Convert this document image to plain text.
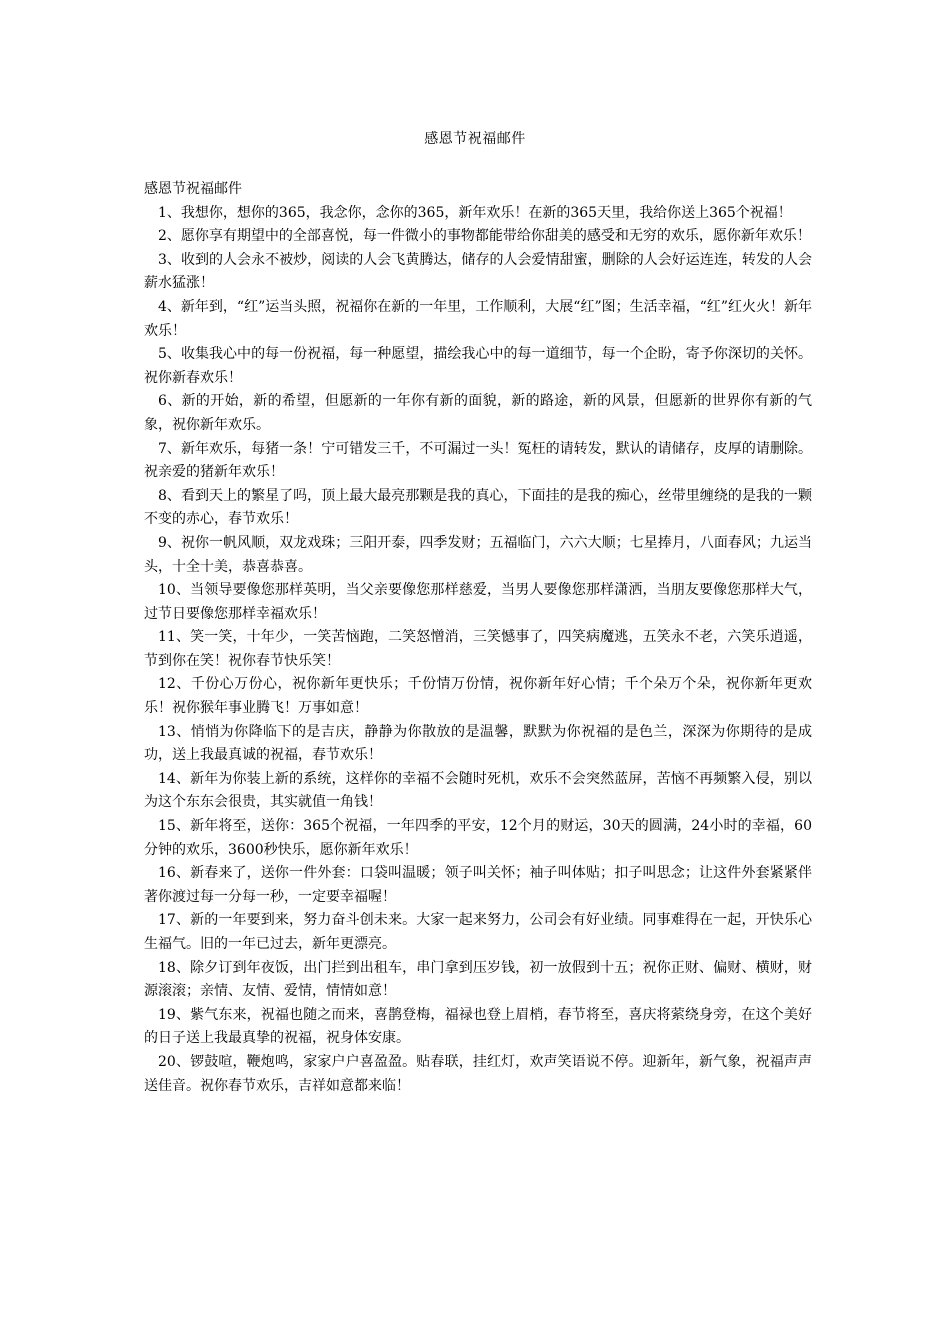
感恩节祝福邮件

感恩节祝福邮件

1、我想你，想你的365，我念你，念你的365，新年欢乐！在新的365天里，我给你送上365个祝福！
2、愿你享有期望中的全部喜悦，每一件微小的事物都能带给你甜美的感受和无穷的欢乐，愿你新年欢乐！
3、收到的人会永不被炒，阅读的人会飞黄腾达，储存的人会爱情甜蜜，删除的人会好运连连，转发的人会薪水猛涨！
4、新年到，“红”运当头照，祝福你在新的一年里，工作顺利，大展“红”图；生活幸福，“红”红火火！新年欢乐！
5、收集我心中的每一份祝福，每一种愿望，描绘我心中的每一道细节，每一个企盼，寄予你深切的关怀。祝你新春欢乐！
6、新的开始，新的希望，但愿新的一年你有新的面貌，新的路途，新的风景，但愿新的世界你有新的气象，祝你新年欢乐。
7、新年欢乐，每猪一条！宁可错发三千，不可漏过一头！冤枉的请转发，默认的请储存，皮厚的请删除。祝亲爱的猪新年欢乐！
8、看到天上的繁星了吗，顶上最大最亮那颗是我的真心，下面挂的是我的痴心，丝带里缠绕的是我的一颗不变的赤心，春节欢乐！
9、祝你一帆风顺，双龙戏珠；三阳开泰，四季发财；五福临门，六六大顺；七星捧月，八面春风；九运当头，十全十美，恭喜恭喜。
10、当领导要像您那样英明，当父亲要像您那样慈爱，当男人要像您那样潇洒，当朋友要像您那样大气，过节日要像您那样幸福欢乐！
11、笑一笑，十年少，一笑苦恼跑，二笑怒憎消，三笑憾事了，四笑病魔逃，五笑永不老，六笑乐逍遥，节到你在笑！祝你春节快乐笑！
12、千份心万份心，祝你新年更快乐；千份情万份情，祝你新年好心情；千个朵万个朵，祝你新年更欢乐！祝你猴年事业腾飞！万事如意！
13、悄悄为你降临下的是吉庆，静静为你散放的是温馨，默默为你祝福的是色兰，深深为你期待的是成功，送上我最真诚的祝福，春节欢乐！
14、新年为你装上新的系统，这样你的幸福不会随时死机，欢乐不会突然蓝屏，苦恼不再频繁入侵，别以为这个东东会很贵，其实就值一角钱！
15、新年将至，送你：365个祝福，一年四季的平安，12个月的财运，30天的圆满，24小时的幸福，60分钟的欢乐，3600秒快乐，愿你新年欢乐！
16、新春来了，送你一件外套：口袋叫温暖；领子叫关怀；袖子叫体贴；扣子叫思念；让这件外套紧紧伴著你渡过每一分每一秒，一定要幸福喔！
17、新的一年要到来，努力奋斗创未来。大家一起来努力，公司会有好业绩。同事难得在一起，开快乐心生福气。旧的一年已过去，新年更漂亮。
18、除夕订到年夜饭，出门拦到出租车，串门拿到压岁钱，初一放假到十五；祝你正财、偏财、横财，财源滚滚；亲情、友情、爱情，情情如意！
19、紫气东来，祝福也随之而来，喜鹊登梅，福禄也登上眉梢，春节将至，喜庆将萦绕身旁，在这个美好的日子送上我最真挚的祝福，祝身体安康。
20、锣鼓喧，鞭炮鸣，家家户户喜盈盈。贴春联，挂红灯，欢声笑语说不停。迎新年，新气象，祝福声声送佳音。祝你春节欢乐，吉祥如意都来临！
